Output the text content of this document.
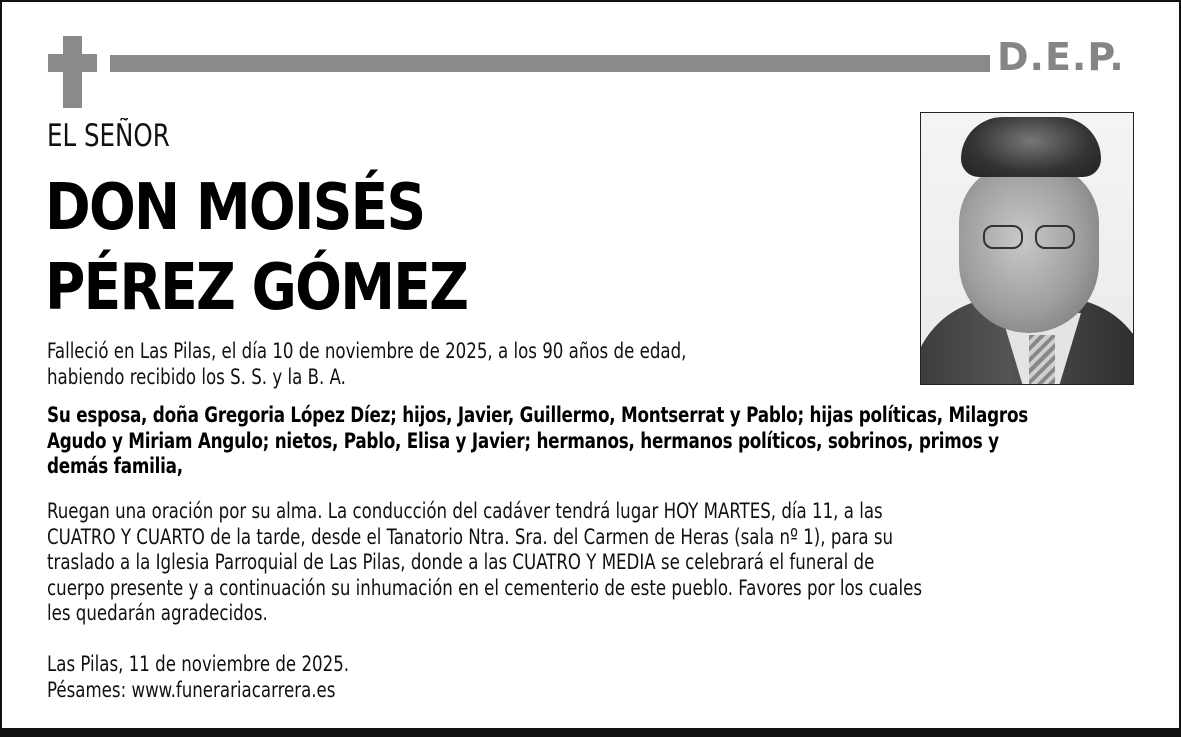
D.E.P.
EL SEÑOR
DON MOISÉS
PÉREZ GÓMEZ
Falleció en Las Pilas, el día 10 de noviembre de 2025, a los 90 años de edad,
habiendo recibido los S. S. y la B. A.
Su esposa, doña Gregoria López Díez; hijos, Javier, Guillermo, Montserrat y Pablo; hijas políticas, Milagros
Agudo y Miriam Angulo; nietos, Pablo, Elisa y Javier; hermanos, hermanos políticos, sobrinos, primos y
demás familia,
Ruegan una oración por su alma. La conducción del cadáver tendrá lugar HOY MARTES, día 11, a las
CUATRO Y CUARTO de la tarde, desde el Tanatorio Ntra. Sra. del Carmen de Heras (sala nº 1), para su
traslado a la Iglesia Parroquial de Las Pilas, donde a las CUATRO Y MEDIA se celebrará el funeral de
cuerpo presente y a continuación su inhumación en el cementerio de este pueblo. Favores por los cuales
les quedarán agradecidos.
Las Pilas, 11 de noviembre de 2025.
Pésames: www.funerariacarrera.es
